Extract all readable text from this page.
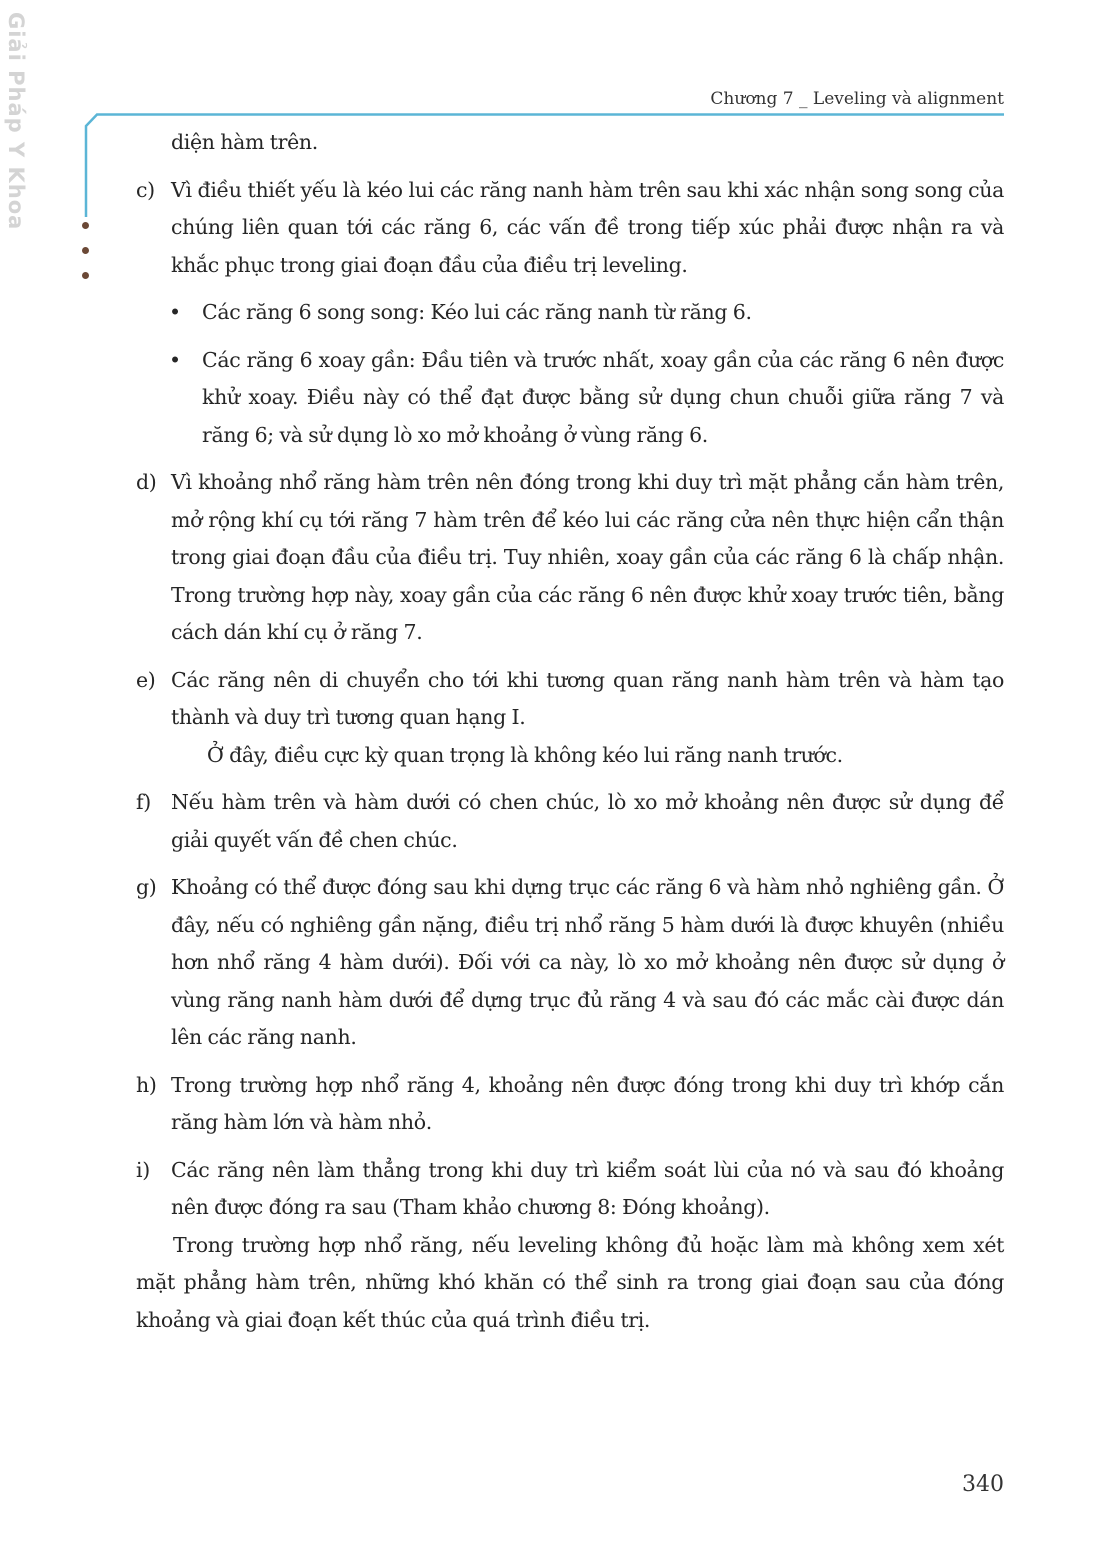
Giải Pháp Y Khoa	Chương 7 _ Leveling và alignment

diện hàm trên.

c) Vì điều thiết yếu là kéo lui các răng nanh hàm trên sau khi xác nhận song song của chúng liên quan tới các răng 6, các vấn đề trong tiếp xúc phải được nhận ra và khắc phục trong giai đoạn đầu của điều trị leveling.

• Các răng 6 song song: Kéo lui các răng nanh từ răng 6.

• Các răng 6 xoay gần: Đầu tiên và trước nhất, xoay gần của các răng 6 nên được khử xoay. Điều này có thể đạt được bằng sử dụng chun chuỗi giữa răng 7 và răng 6; và sử dụng lò xo mở khoảng ở vùng răng 6.

d) Vì khoảng nhổ răng hàm trên nên đóng trong khi duy trì mặt phẳng cắn hàm trên, mở rộng khí cụ tới răng 7 hàm trên để kéo lui các răng cửa nên thực hiện cẩn thận trong giai đoạn đầu của điều trị. Tuy nhiên, xoay gần của các răng 6 là chấp nhận. Trong trường hợp này, xoay gần của các răng 6 nên được khử xoay trước tiên, bằng cách dán khí cụ ở răng 7.

e) Các răng nên di chuyển cho tới khi tương quan răng nanh hàm trên và hàm tạo thành và duy trì tương quan hạng I.

Ở đây, điều cực kỳ quan trọng là không kéo lui răng nanh trước.

f) Nếu hàm trên và hàm dưới có chen chúc, lò xo mở khoảng nên được sử dụng để giải quyết vấn đề chen chúc.

g) Khoảng có thể được đóng sau khi dựng trục các răng 6 và hàm nhỏ nghiêng gần. Ở đây, nếu có nghiêng gần nặng, điều trị nhổ răng 5 hàm dưới là được khuyên (nhiều hơn nhổ răng 4 hàm dưới). Đối với ca này, lò xo mở khoảng nên được sử dụng ở vùng răng nanh hàm dưới để dựng trục đủ răng 4 và sau đó các mắc cài được dán lên các răng nanh.

h) Trong trường hợp nhổ răng 4, khoảng nên được đóng trong khi duy trì khớp cắn răng hàm lớn và hàm nhỏ.

i) Các răng nên làm thẳng trong khi duy trì kiểm soát lùi của nó và sau đó khoảng nên được đóng ra sau (Tham khảo chương 8: Đóng khoảng).

Trong trường hợp nhổ răng, nếu leveling không đủ hoặc làm mà không xem xét mặt phẳng hàm trên, những khó khăn có thể sinh ra trong giai đoạn sau của đóng khoảng và giai đoạn kết thúc của quá trình điều trị.

340
